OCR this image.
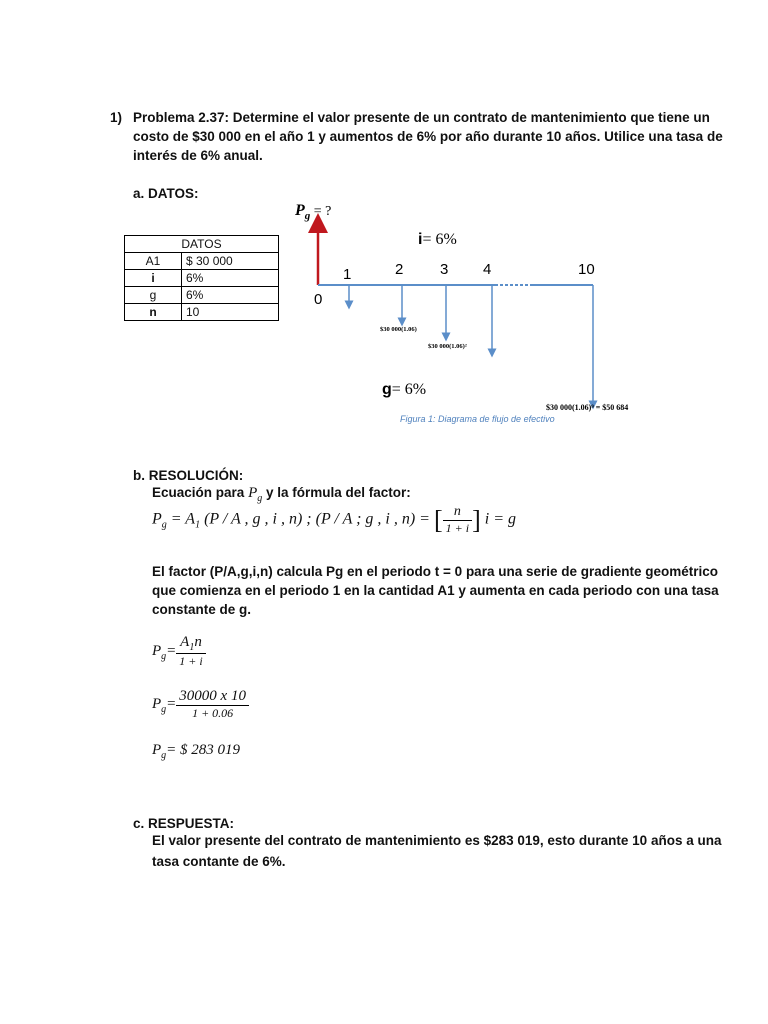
1) Problema 2.37: Determine el valor presente de un contrato de mantenimiento que tiene un
costo de $30 000 en el año 1 y aumentos de 6% por año durante 10 años. Utilice una tasa de
interés de 6% anual.
a. DATOS:
DATOS	
A1	$ 30 000
i	6%
g	6%
n	10
$P_g$ = ?
i= 6%
0
1	2 3 4	10
$30 000(1.06)
$30 000(1.06)²
g= 6%
$30 000(1.06)⁹ = $50 684
Figura 1: Diagrama de flujo de efectivo
b. RESOLUCIÓN:
Ecuación para $P_g$ y la fórmula del factor:
$P_g = A_1$ (P / A , g , i , n) ; (P / A ; g , i , n) = [ $\frac{n}{1 + i}$ ] i = g
El factor (P/A,g,i,n) calcula Pg en el periodo t = 0 para una serie de gradiente geométrico
que comienza en el periodo 1 en la cantidad A1 y aumenta en cada periodo con una tasa
constante de g.
$P_g= \frac{A_1n}{1 + i}$
$P_g= \frac{30000 x 10}{1 + 0.06}$
$P_g=$ $ 283 019
c. RESPUESTA:
El valor presente del contrato de mantenimiento es $283 019, esto durante 10 años a una
tasa contante de 6%.
